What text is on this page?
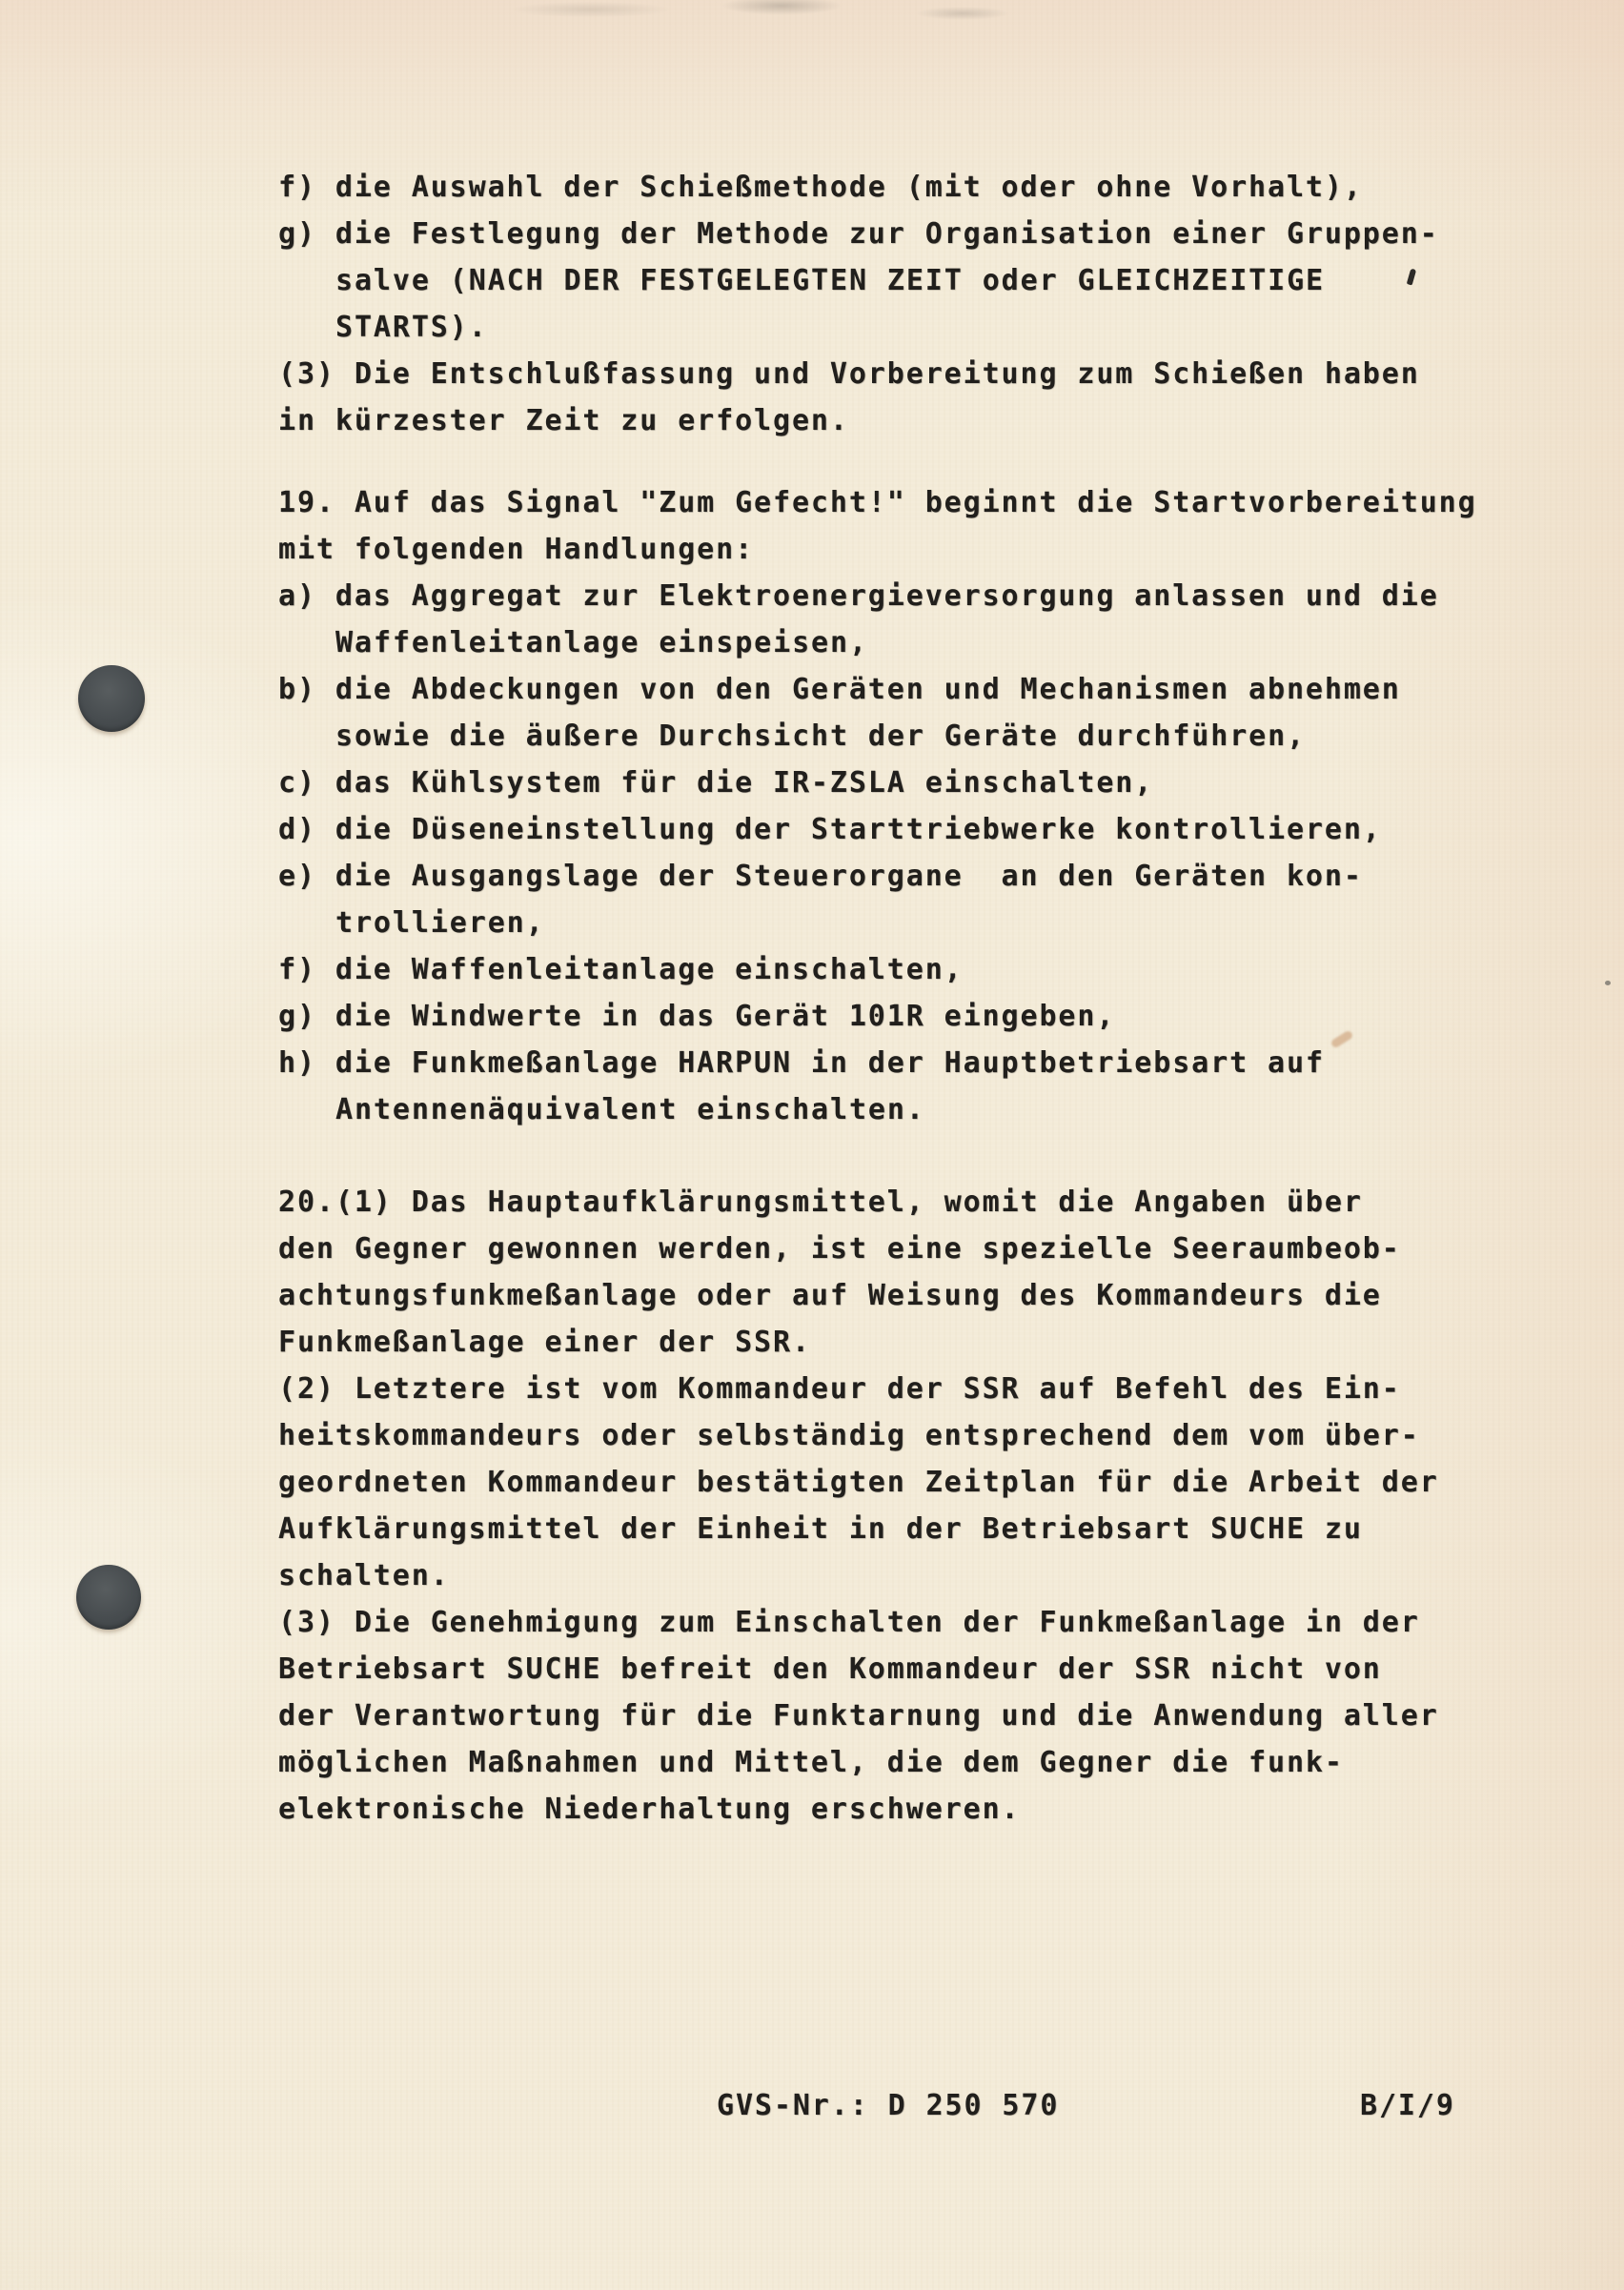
f) die Auswahl der Schießmethode (mit oder ohne Vorhalt),
g) die Festlegung der Methode zur Organisation einer Gruppen-
salve (NACH DER FESTGELEGTEN ZEIT oder GLEICHZEITIGE
STARTS).
(3) Die Entschlußfassung und Vorbereitung zum Schießen haben
in kürzester Zeit zu erfolgen.
19. Auf das Signal "Zum Gefecht!" beginnt die Startvorbereitung
mit folgenden Handlungen:
a) das Aggregat zur Elektroenergieversorgung anlassen und die
Waffenleitanlage einspeisen,
b) die Abdeckungen von den Geräten und Mechanismen abnehmen
sowie die äußere Durchsicht der Geräte durchführen,
c) das Kühlsystem für die IR-ZSLA einschalten,
d) die Düseneinstellung der Starttriebwerke kontrollieren,
e) die Ausgangslage der Steuerorgane  an den Geräten kon-
trollieren,
f) die Waffenleitanlage einschalten,
g) die Windwerte in das Gerät 101R eingeben,
h) die Funkmeßanlage HARPUN in der Hauptbetriebsart auf
Antennenäquivalent einschalten.
20.(1) Das Hauptaufklärungsmittel, womit die Angaben über
den Gegner gewonnen werden, ist eine spezielle Seeraumbeob-
achtungsfunkmeßanlage oder auf Weisung des Kommandeurs die
Funkmeßanlage einer der SSR.
(2) Letztere ist vom Kommandeur der SSR auf Befehl des Ein-
heitskommandeurs oder selbständig entsprechend dem vom über-
geordneten Kommandeur bestätigten Zeitplan für die Arbeit der
Aufklärungsmittel der Einheit in der Betriebsart SUCHE zu
schalten.
(3) Die Genehmigung zum Einschalten der Funkmeßanlage in der
Betriebsart SUCHE befreit den Kommandeur der SSR nicht von
der Verantwortung für die Funktarnung und die Anwendung aller
möglichen Maßnahmen und Mittel, die dem Gegner die funk-
elektronische Niederhaltung erschweren.
GVS-Nr.: D 250 570	B/I/9
